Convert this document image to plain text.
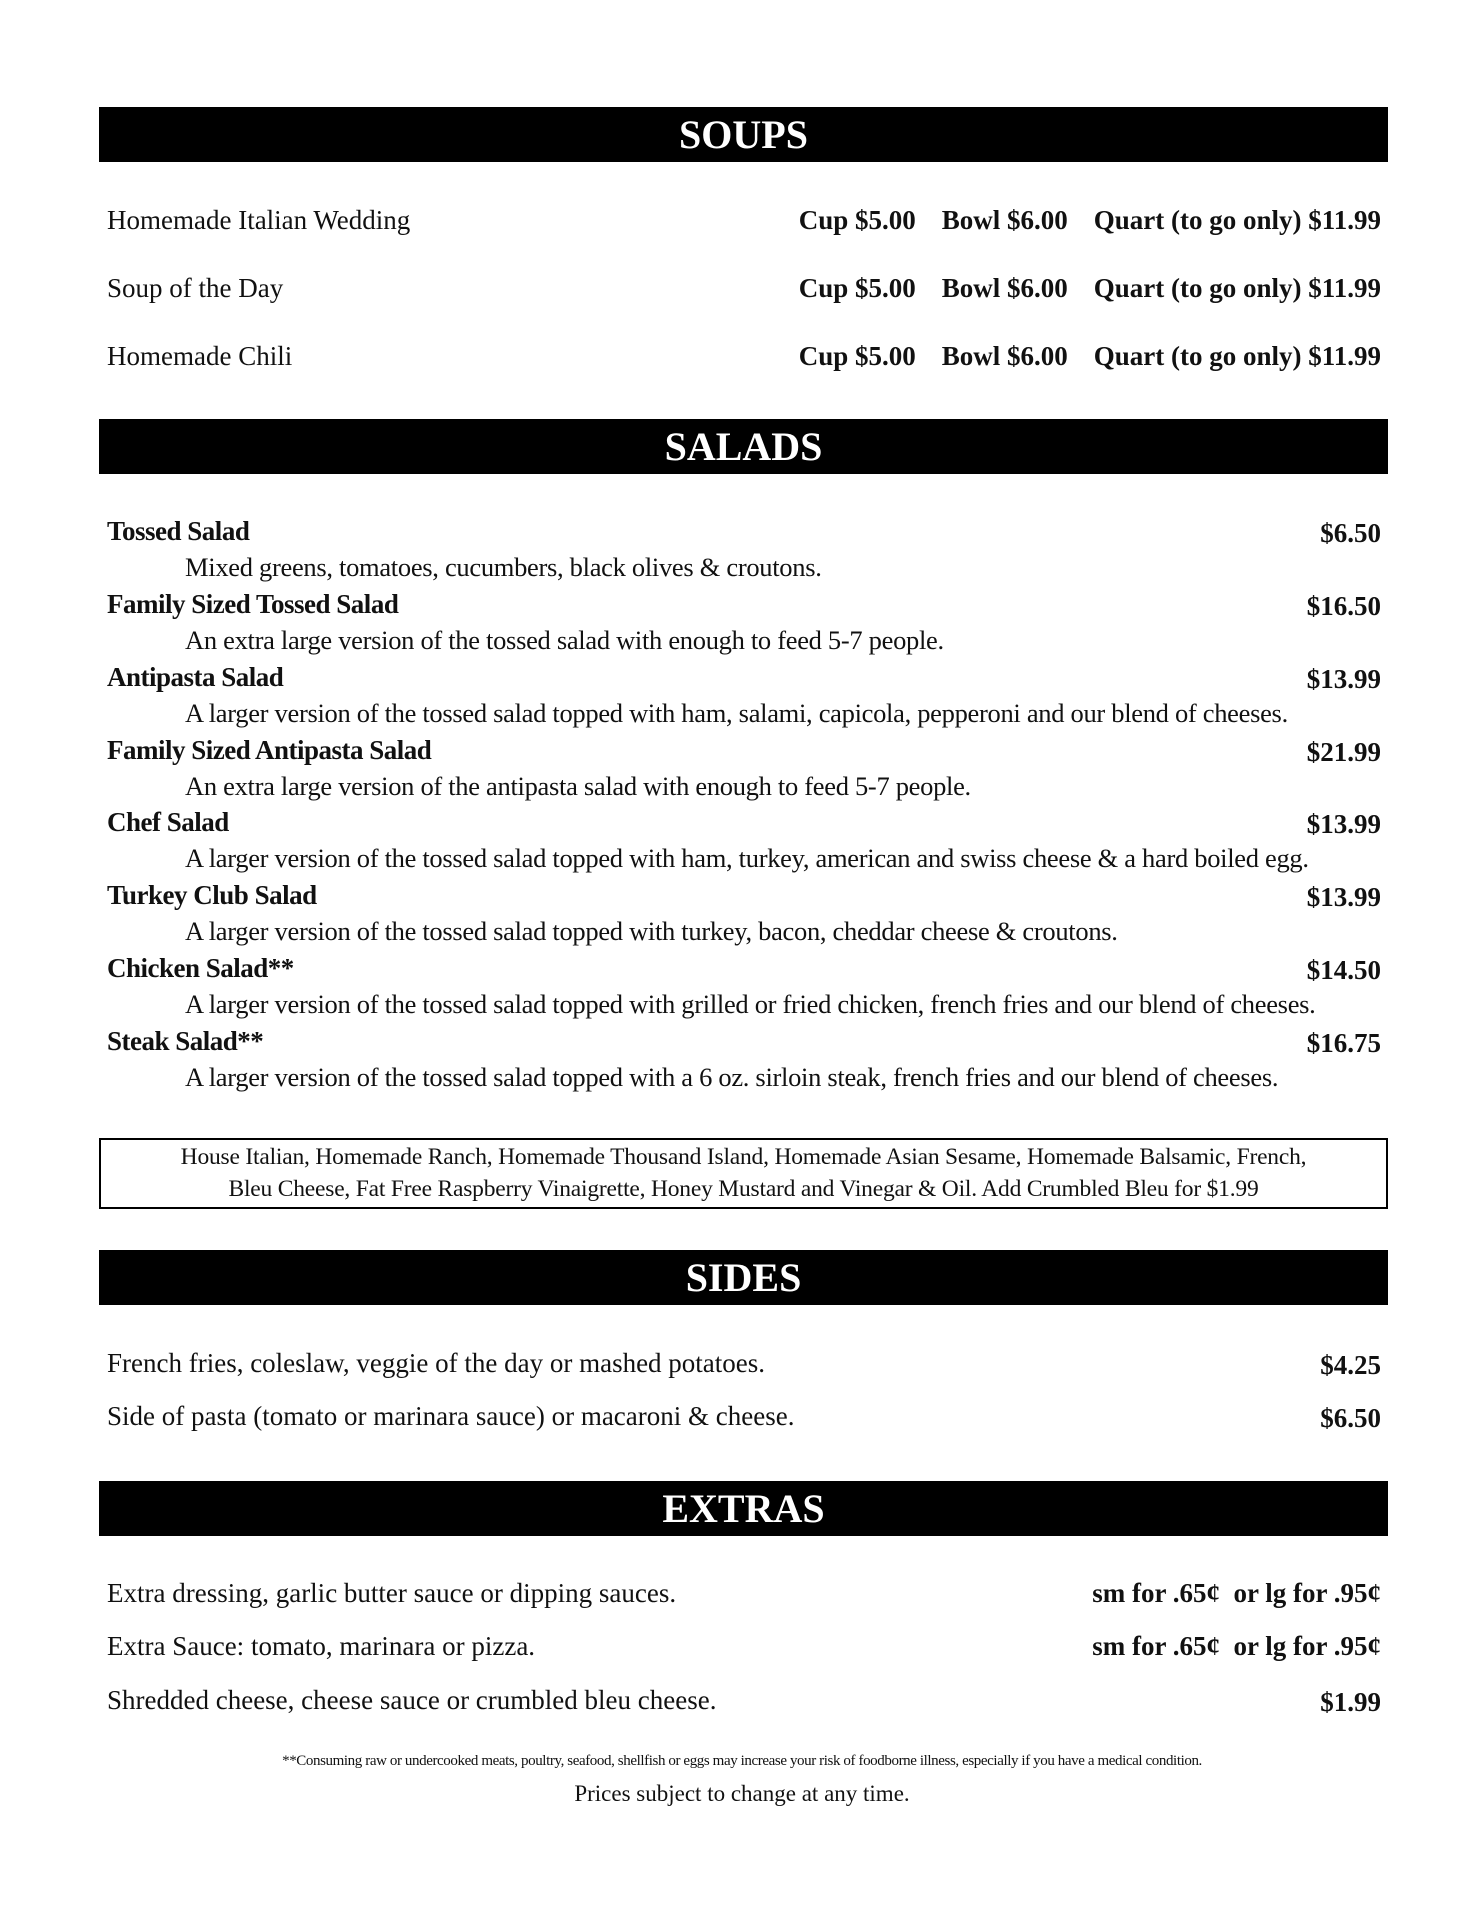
SOUPS
Homemade Italian Wedding	Cup $5.00 Bowl $6.00 Quart (to go only) $11.99
Soup of the Day	Cup $5.00 Bowl $6.00 Quart (to go only) $11.99
Homemade Chili	Cup $5.00 Bowl $6.00 Quart (to go only) $11.99
SALADS
Tossed Salad	$6.50
Mixed greens, tomatoes, cucumbers, black olives & croutons.
Family Sized Tossed Salad	$16.50
An extra large version of the tossed salad with enough to feed 5-7 people.
Antipasta Salad	$13.99
A larger version of the tossed salad topped with ham, salami, capicola, pepperoni and our blend of cheeses.
Family Sized Antipasta Salad	$21.99
An extra large version of the antipasta salad with enough to feed 5-7 people.
Chef Salad	$13.99
A larger version of the tossed salad topped with ham, turkey, american and swiss cheese & a hard boiled egg.
Turkey Club Salad	$13.99
A larger version of the tossed salad topped with turkey, bacon, cheddar cheese & croutons.
Chicken Salad**	$14.50
A larger version of the tossed salad topped with grilled or fried chicken, french fries and our blend of cheeses.
Steak Salad**	$16.75
A larger version of the tossed salad topped with a 6 oz. sirloin steak, french fries and our blend of cheeses.
House Italian, Homemade Ranch, Homemade Thousand Island, Homemade Asian Sesame, Homemade Balsamic, French,
Bleu Cheese, Fat Free Raspberry Vinaigrette, Honey Mustard and Vinegar & Oil. Add Crumbled Bleu for $1.99
SIDES
French fries, coleslaw, veggie of the day or mashed potatoes.	$4.25
Side of pasta (tomato or marinara sauce) or macaroni & cheese.	$6.50
EXTRAS
Extra dressing, garlic butter sauce or dipping sauces.	sm for .65¢  or lg for .95¢
Extra Sauce: tomato, marinara or pizza.	sm for .65¢  or lg for .95¢
Shredded cheese, cheese sauce or crumbled bleu cheese.	$1.99
**Consuming raw or undercooked meats, poultry, seafood, shellfish or eggs may increase your risk of foodborne illness, especially if you have a medical condition.
Prices subject to change at any time.
